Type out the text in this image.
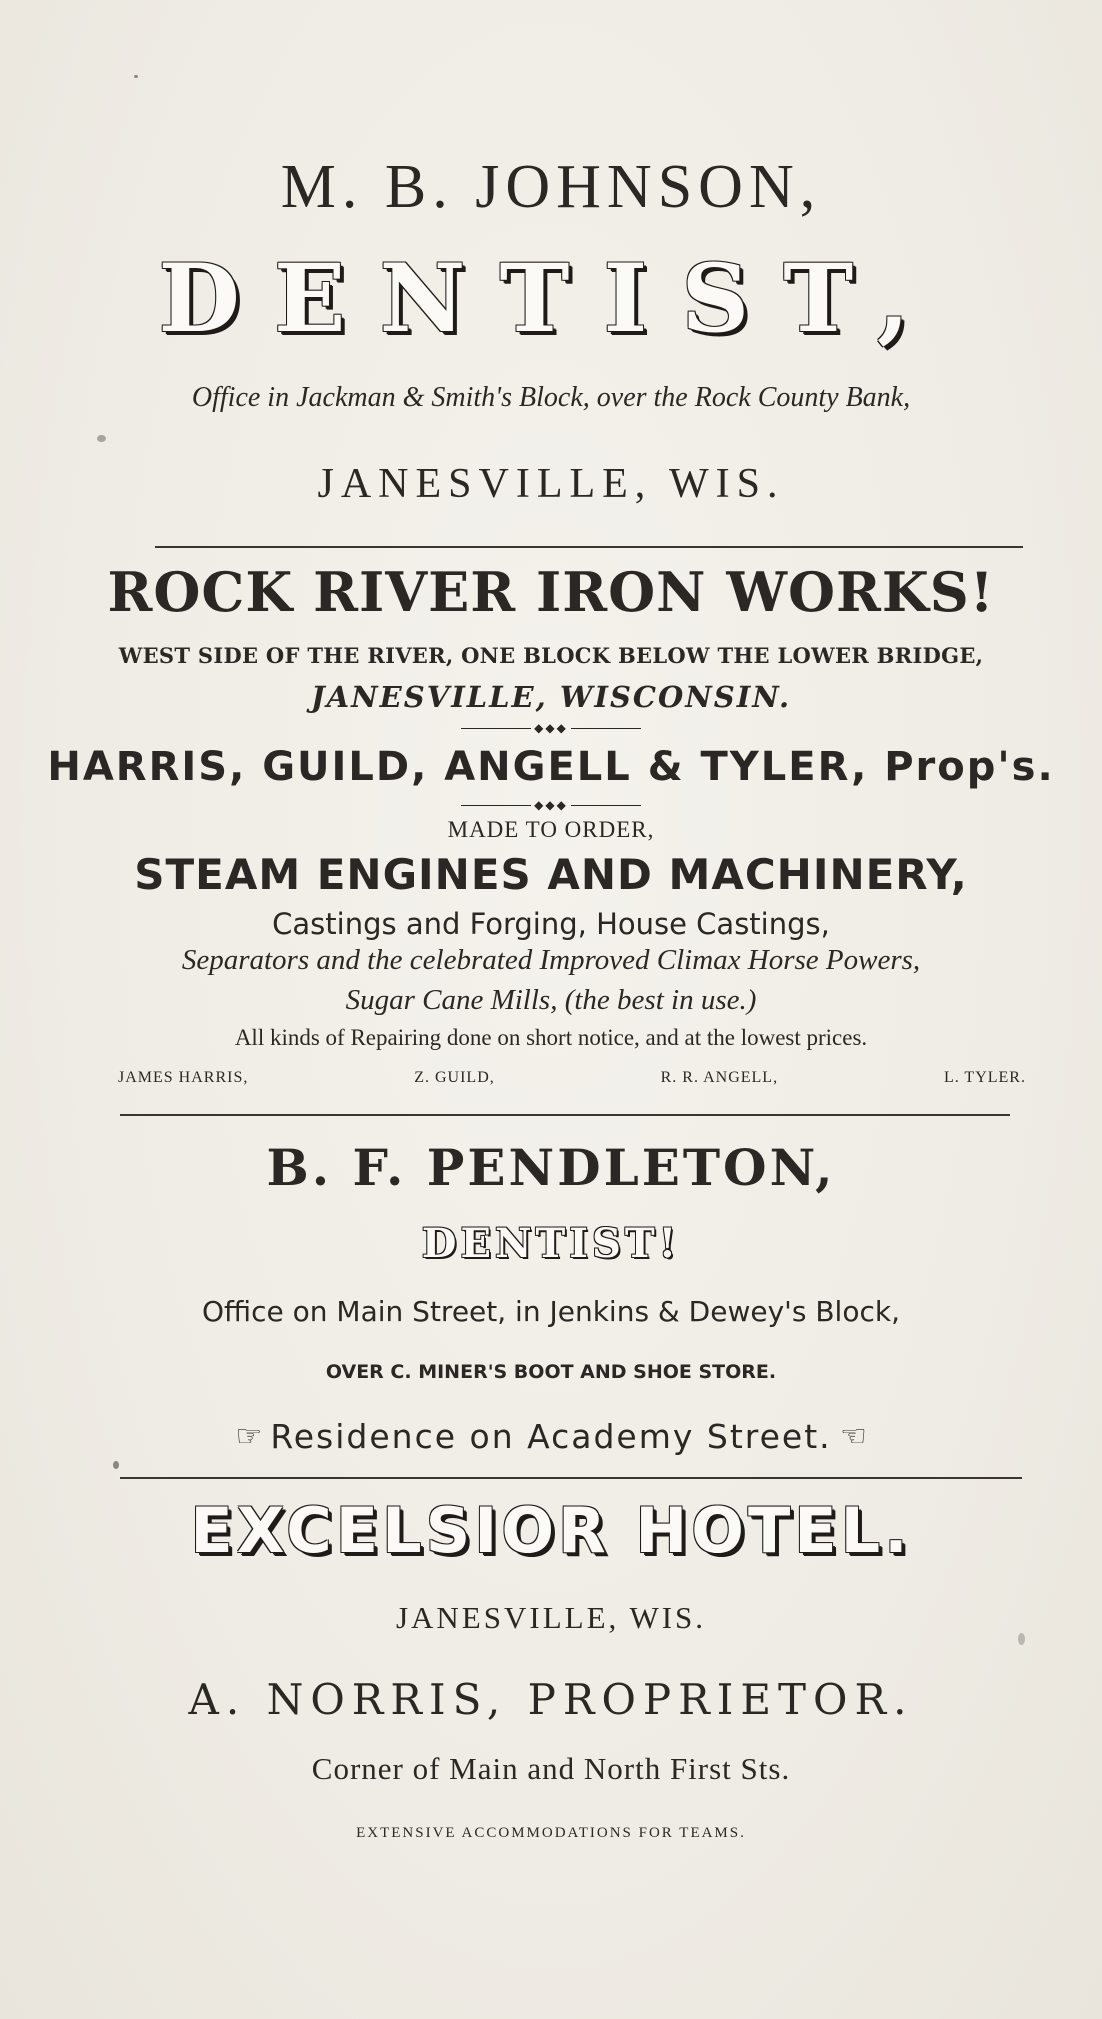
M. B. JOHNSON,
DENTIST,
Office in Jackman & Smith's Block, over the Rock County Bank,
JANESVILLE, WIS.
ROCK RIVER IRON WORKS!
WEST SIDE OF THE RIVER, ONE BLOCK BELOW THE LOWER BRIDGE,
JANESVILLE, WISCONSIN.
◆◆◆
HARRIS, GUILD, ANGELL & TYLER, Prop's.
◆◆◆
MADE TO ORDER,
STEAM ENGINES AND MACHINERY,
Castings and Forging, House Castings,
Separators and the celebrated Improved Climax Horse Powers,
Sugar Cane Mills, (the best in use.)
All kinds of Repairing done on short notice, and at the lowest prices.
JAMES HARRIS,	Z. GUILD,	R. R. ANGELL,	L. TYLER.
B. F. PENDLETON,
DENTIST!
Office on Main Street, in Jenkins & Dewey's Block,
OVER C. MINER'S BOOT AND SHOE STORE.
☞ Residence on Academy Street. ☞
EXCELSIOR HOTEL.
JANESVILLE, WIS.
A. NORRIS, PROPRIETOR.
Corner of Main and North First Sts.
EXTENSIVE ACCOMMODATIONS FOR TEAMS.
